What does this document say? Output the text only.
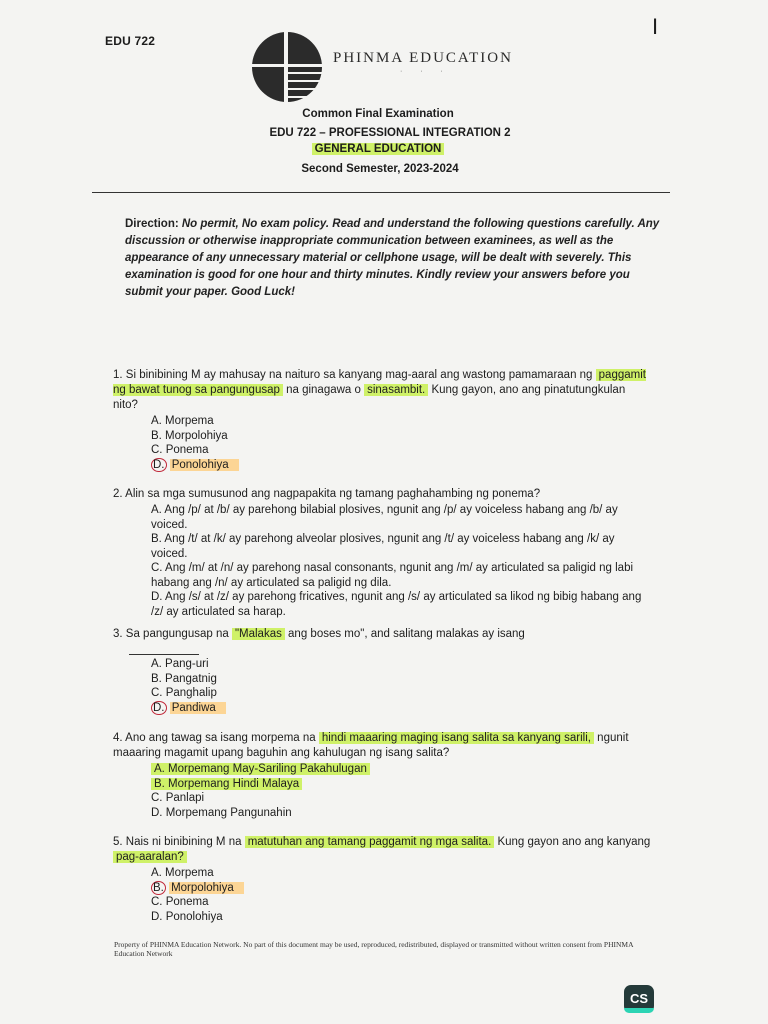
EDU 722
I
PHINMA EDUCATION
· · ·
Common Final Examination
EDU 722 – PROFESSIONAL INTEGRATION 2
GENERAL EDUCATION
Second Semester, 2023-2024
Direction: No permit, No exam policy. Read and understand the following questions carefully. Any discussion or otherwise inappropriate communication between examinees, as well as the appearance of any unnecessary material or cellphone usage, will be dealt with severely. This examination is good for one hour and thirty minutes. Kindly review your answers before you submit your paper. Good Luck!

1. Si binibining M ay mahusay na naituro sa kanyang mag-aaral ang wastong pamamaraan ng paggamit ng bawat tunog sa pangungusap na ginagawa o sinasambit. Kung gayon, ano ang pinatutungkulan nito?

A. Morpema
B. Morpolohiya
C. Ponema
D. Ponolohiya

2. Alin sa mga sumusunod ang nagpapakita ng tamang paghahambing ng ponema?

A. Ang /p/ at /b/ ay parehong bilabial plosives, ngunit ang /p/ ay voiceless habang ang /b/ ay voiced.
B. Ang /t/ at /k/ ay parehong alveolar plosives, ngunit ang /t/ ay voiceless habang ang /k/ ay voiced.
C. Ang /m/ at /n/ ay parehong nasal consonants, ngunit ang /m/ ay articulated sa paligid ng labi habang ang /n/ ay articulated sa paligid ng dila.
D. Ang /s/ at /z/ ay parehong fricatives, ngunit ang /s/ ay articulated sa likod ng bibig habang ang /z/ ay articulated sa harap.

3. Sa pangungusap na "Malakas ang boses mo", and salitang malakas ay isang

A. Pang-uri
B. Pangatnig
C. Panghalip
D. Pandiwa

4. Ano ang tawag sa isang morpema na hindi maaaring maging isang salita sa kanyang sarili, ngunit maaaring magamit upang baguhin ang kahulugan ng isang salita?

A. Morpemang May-Sariling Pakahulugan
B. Morpemang Hindi Malaya
C. Panlapi
D. Morpemang Pangunahin

5. Nais ni binibining M na matutuhan ang tamang paggamit ng mga salita. Kung gayon ano ang kanyang pag-aaralan?

A. Morpema
B. Morpolohiya
C. Ponema
D. Ponolohiya
Property of PHINMA Education Network. No part of this document may be used, reproduced, redistributed, displayed or transmitted without written consent from PHINMA Education Network
CS
